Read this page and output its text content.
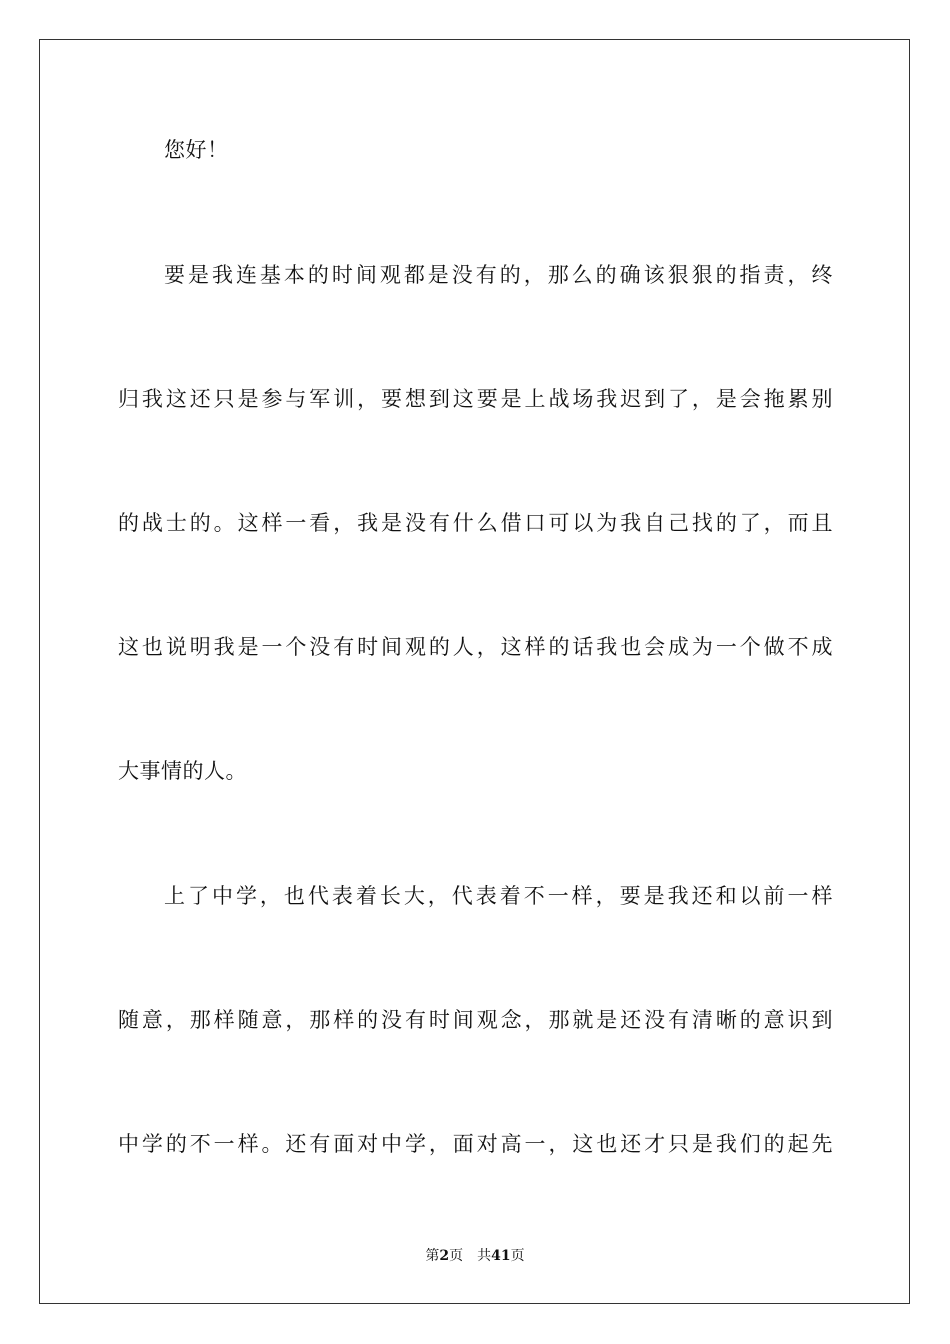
您好！
要是我连基本的时间观都是没有的，那么的确该狠狠的指责，终
归我这还只是参与军训，要想到这要是上战场我迟到了，是会拖累别
的战士的。这样一看，我是没有什么借口可以为我自己找的了，而且
这也说明我是一个没有时间观的人，这样的话我也会成为一个做不成
大事情的人。
上了中学，也代表着长大，代表着不一样，要是我还和以前一样
随意，那样随意，那样的没有时间观念，那就是还没有清晰的意识到
中学的不一样。还有面对中学，面对高一，这也还才只是我们的起先
第2页 共41页
